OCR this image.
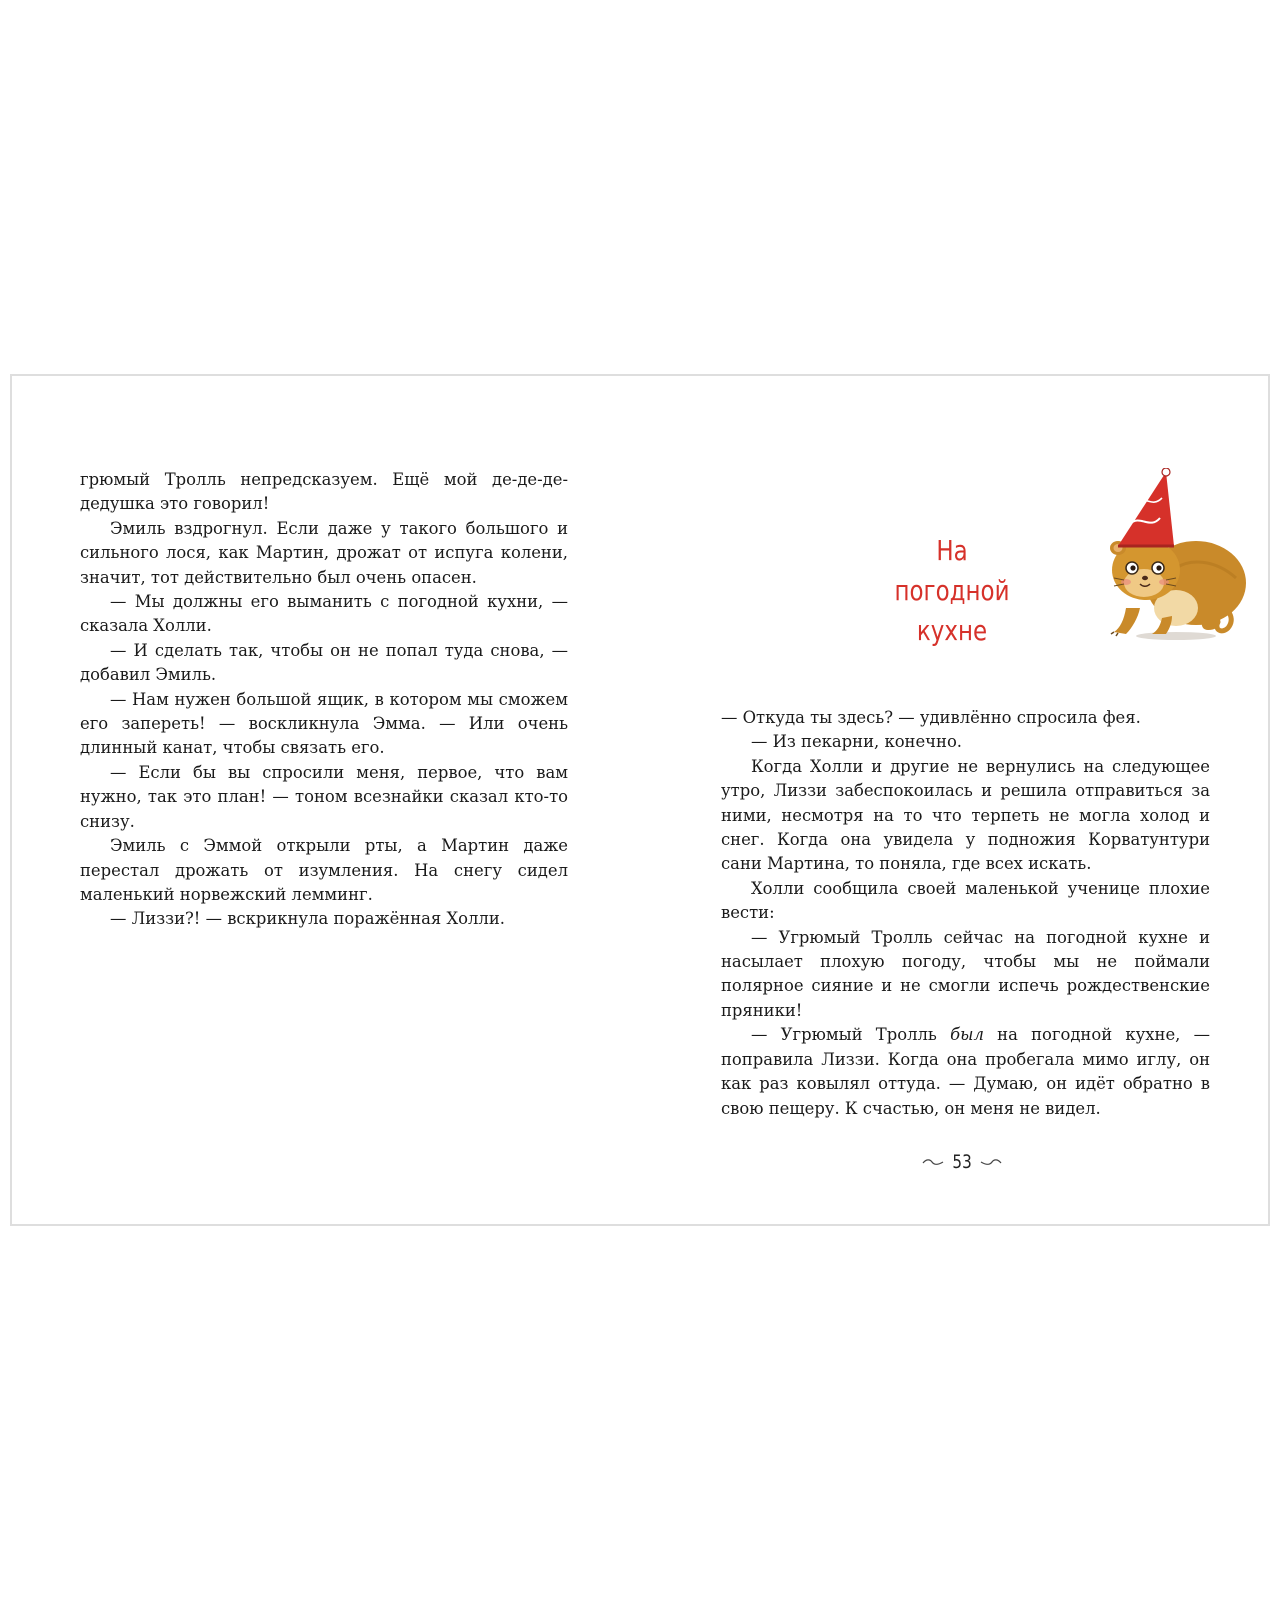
грюмый Тролль непредсказуем. Ещё мой де-де-де-дедушка это говорил!

Эмиль вздрогнул. Если даже у такого большого и сильного лося, как Мартин, дрожат от испуга колени, значит, тот действительно был очень опасен.

— Мы должны его выманить с погодной кухни, — сказала Холли.

— И сделать так, чтобы он не попал туда снова, — добавил Эмиль.

— Нам нужен большой ящик, в котором мы сможем его запереть! — воскликнула Эмма. — Или очень длинный канат, чтобы связать его.

— Если бы вы спросили меня, первое, что вам нужно, так это план! — тоном всезнайки сказал кто-то снизу.

Эмиль с Эммой открыли рты, а Мартин даже перестал дрожать от изумления. На снегу сидел маленький норвежский лемминг.

— Лиззи?! — вскрикнула поражённая Холли.

На погодной
кухне

— Откуда ты здесь? — удивлённо спросила фея.

— Из пекарни, конечно.

Когда Холли и другие не вернулись на следующее утро, Лиззи забеспокоилась и решила отправиться за ними, несмотря на то что терпеть не могла холод и снег. Когда она увидела у подножия Корватунтури сани Мартина, то поняла, где всех искать.

Холли сообщила своей маленькой ученице плохие вести:

— Угрюмый Тролль сейчас на погодной кухне и насылает плохую погоду, чтобы мы не поймали полярное сияние и не смогли испечь рождественские пряники!

— Угрюмый Тролль был на погодной кухне, — поправила Лиззи. Когда она пробегала мимо иглу, он как раз ковылял оттуда. — Думаю, он идёт обратно в свою пещеру. К счастью, он меня не видел.

53
